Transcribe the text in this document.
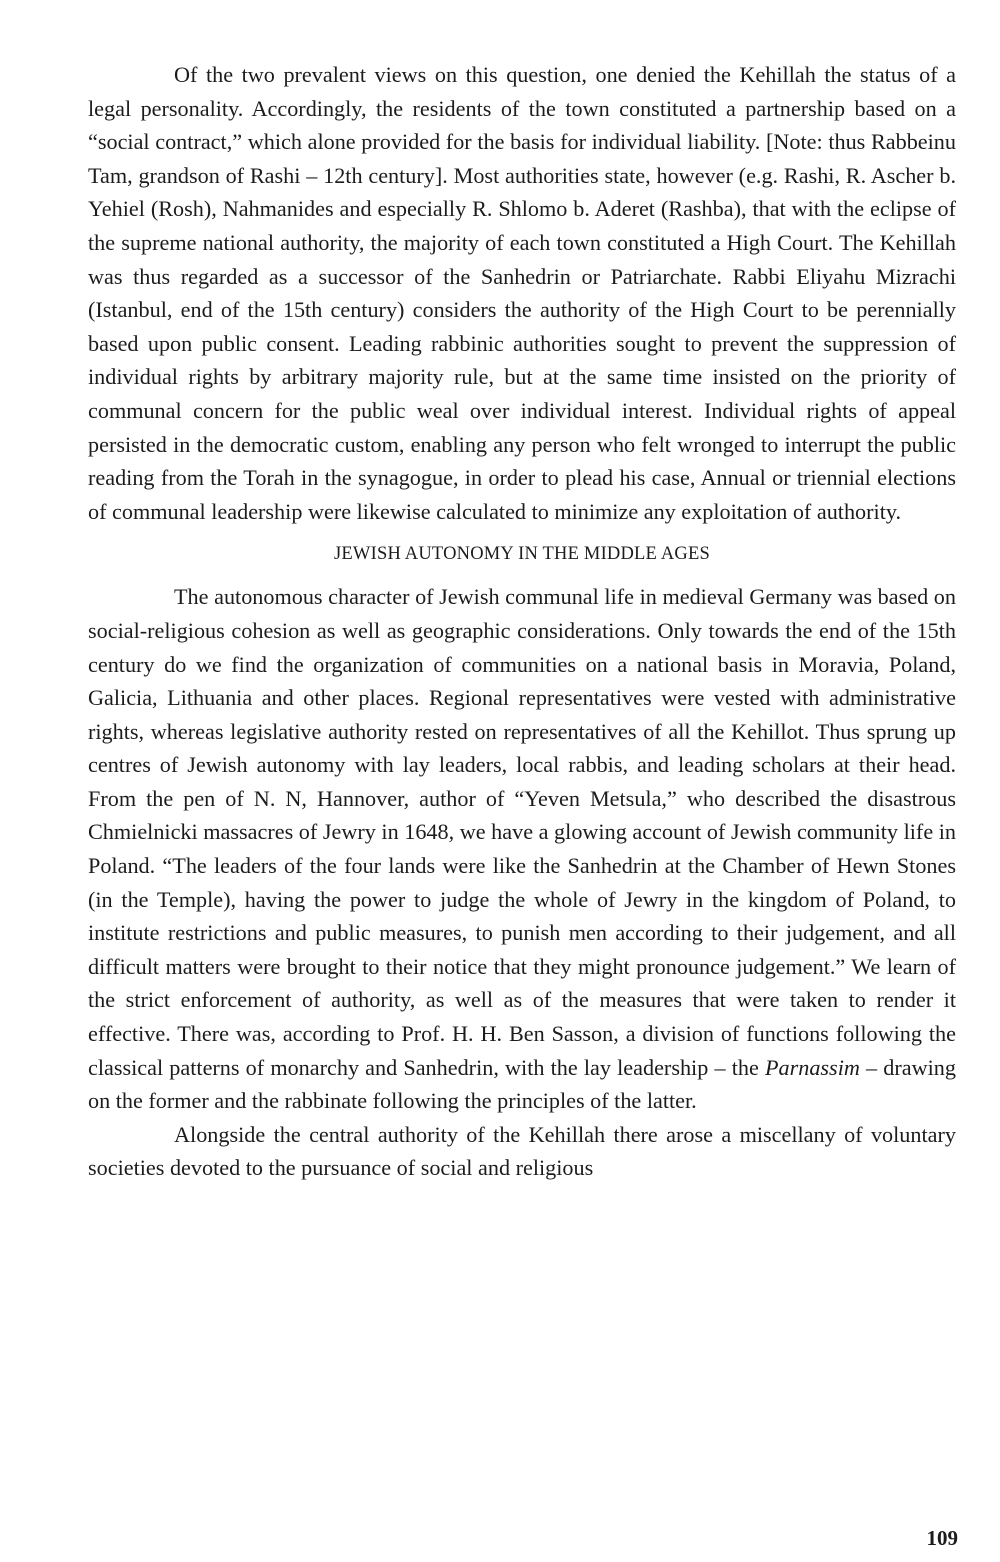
Of the two prevalent views on this question, one denied the Kehillah the status of a legal personality. Accordingly, the residents of the town constituted a partnership based on a “social contract,” which alone provided for the basis for individual liability. [Note: thus Rabbeinu Tam, grandson of Rashi – 12th century]. Most authorities state, however (e.g. Rashi, R. Ascher b. Yehiel (Rosh), Nahmanides and especially R. Shlomo b. Aderet (Rashba), that with the eclipse of the supreme national authority, the majority of each town constituted a High Court. The Kehillah was thus regarded as a successor of the Sanhedrin or Patriarchate. Rabbi Eliyahu Mizrachi (Istanbul, end of the 15th century) considers the authority of the High Court to be perennially based upon public consent. Leading rabbinic authorities sought to prevent the suppression of individual rights by arbitrary majority rule, but at the same time insisted on the priority of communal concern for the public weal over individual interest. Individual rights of appeal persisted in the democratic custom, enabling any person who felt wronged to interrupt the public reading from the Torah in the synagogue, in order to plead his case, Annual or triennial elections of communal leadership were likewise calculated to minimize any exploitation of authority.

JEWISH AUTONOMY IN THE MIDDLE AGES

The autonomous character of Jewish communal life in medieval Germany was based on social-religious cohesion as well as geographic considerations. Only towards the end of the 15th century do we find the organization of communities on a national basis in Moravia, Poland, Galicia, Lithuania and other places. Regional representatives were vested with administrative rights, whereas legislative authority rested on representatives of all the Kehillot. Thus sprung up centres of Jewish autonomy with lay leaders, local rabbis, and leading scholars at their head. From the pen of N. N, Hannover, author of “Yeven Metsula,” who described the disastrous Chmielnicki massacres of Jewry in 1648, we have a glowing account of Jewish community life in Poland. “The leaders of the four lands were like the Sanhedrin at the Chamber of Hewn Stones (in the Temple), having the power to judge the whole of Jewry in the kingdom of Poland, to institute restrictions and public measures, to punish men according to their judgement, and all difficult matters were brought to their notice that they might pronounce judgement.” We learn of the strict enforcement of authority, as well as of the measures that were taken to render it effective. There was, according to Prof. H. H. Ben Sasson, a division of functions following the classical patterns of monarchy and Sanhedrin, with the lay leadership – the Parnassim – drawing on the former and the rabbinate following the principles of the latter.

Alongside the central authority of the Kehillah there arose a miscellany of voluntary societies devoted to the pursuance of social and religious

109
